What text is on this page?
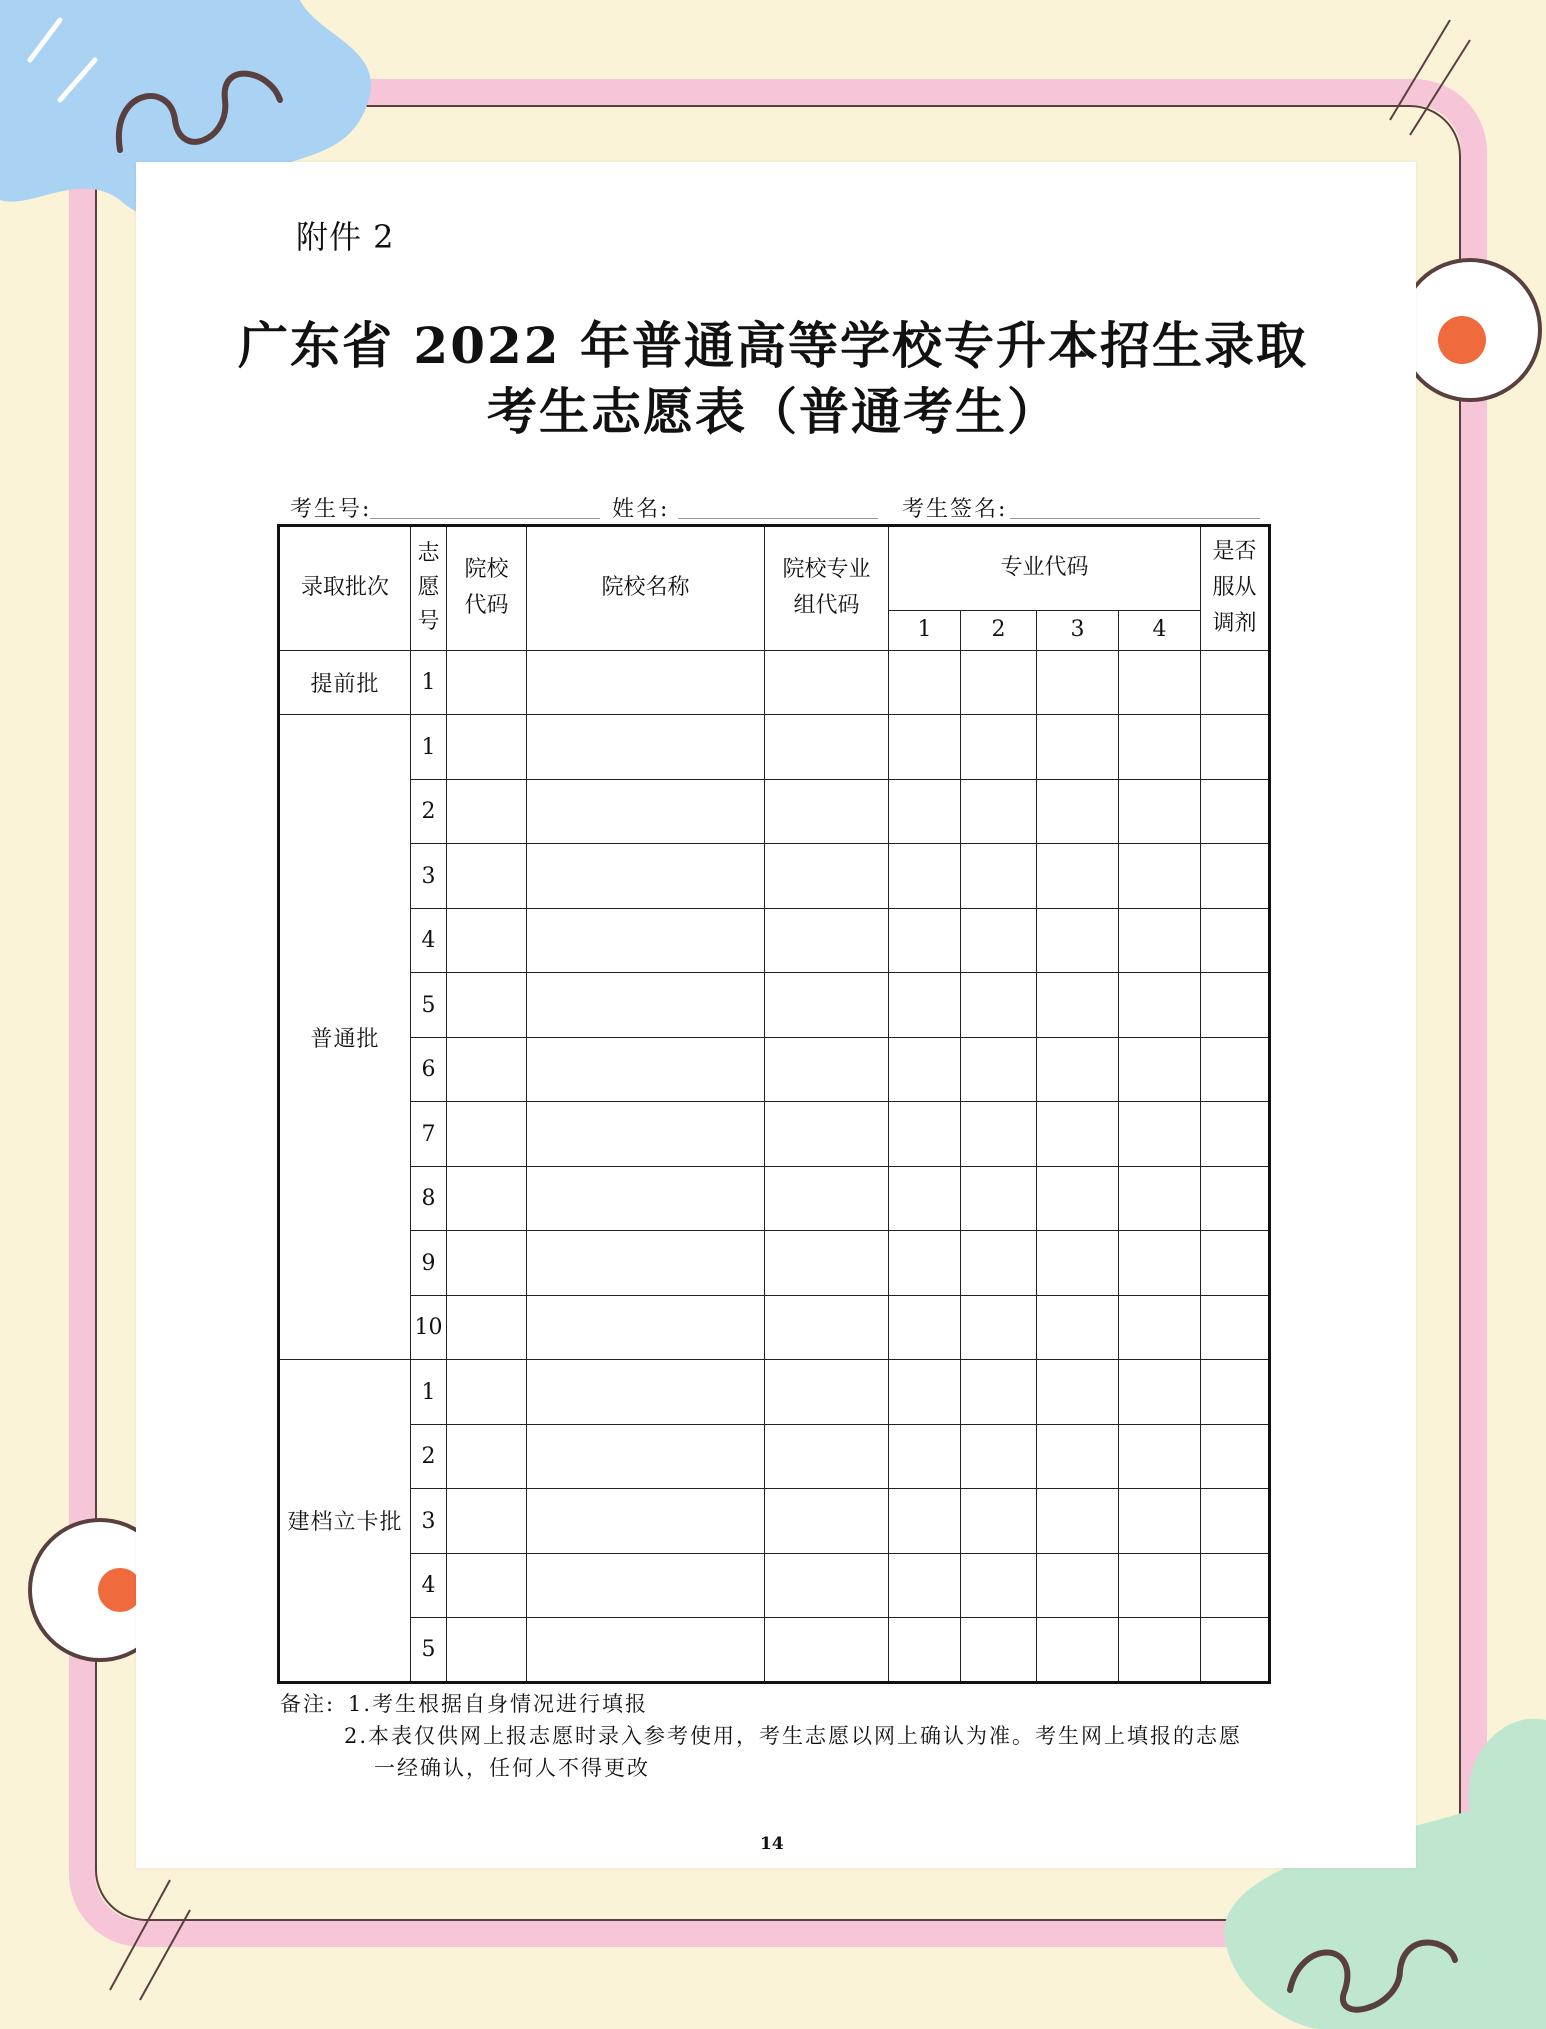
附件 2
广东省 2022 年普通高等学校专升本招生录取
考生志愿表（普通考生）
考生号:	姓名:	考生签名:
录取批次	志愿号	院校代码	院校名称	院校专业组代码	专业代码				是否服从调剂
					1	2	3	4	
提前批	1								
普通批	1								
	2								
	3								
	4								
	5								
	6								
	7								
	8								
	9								
	10								
建档立卡批	1								
	2								
	3								
	4								
	5								
备注: 1.考生根据自身情况进行填报
2.本表仅供网上报志愿时录入参考使用，考生志愿以网上确认为准。考生网上填报的志愿
一经确认，任何人不得更改
14
